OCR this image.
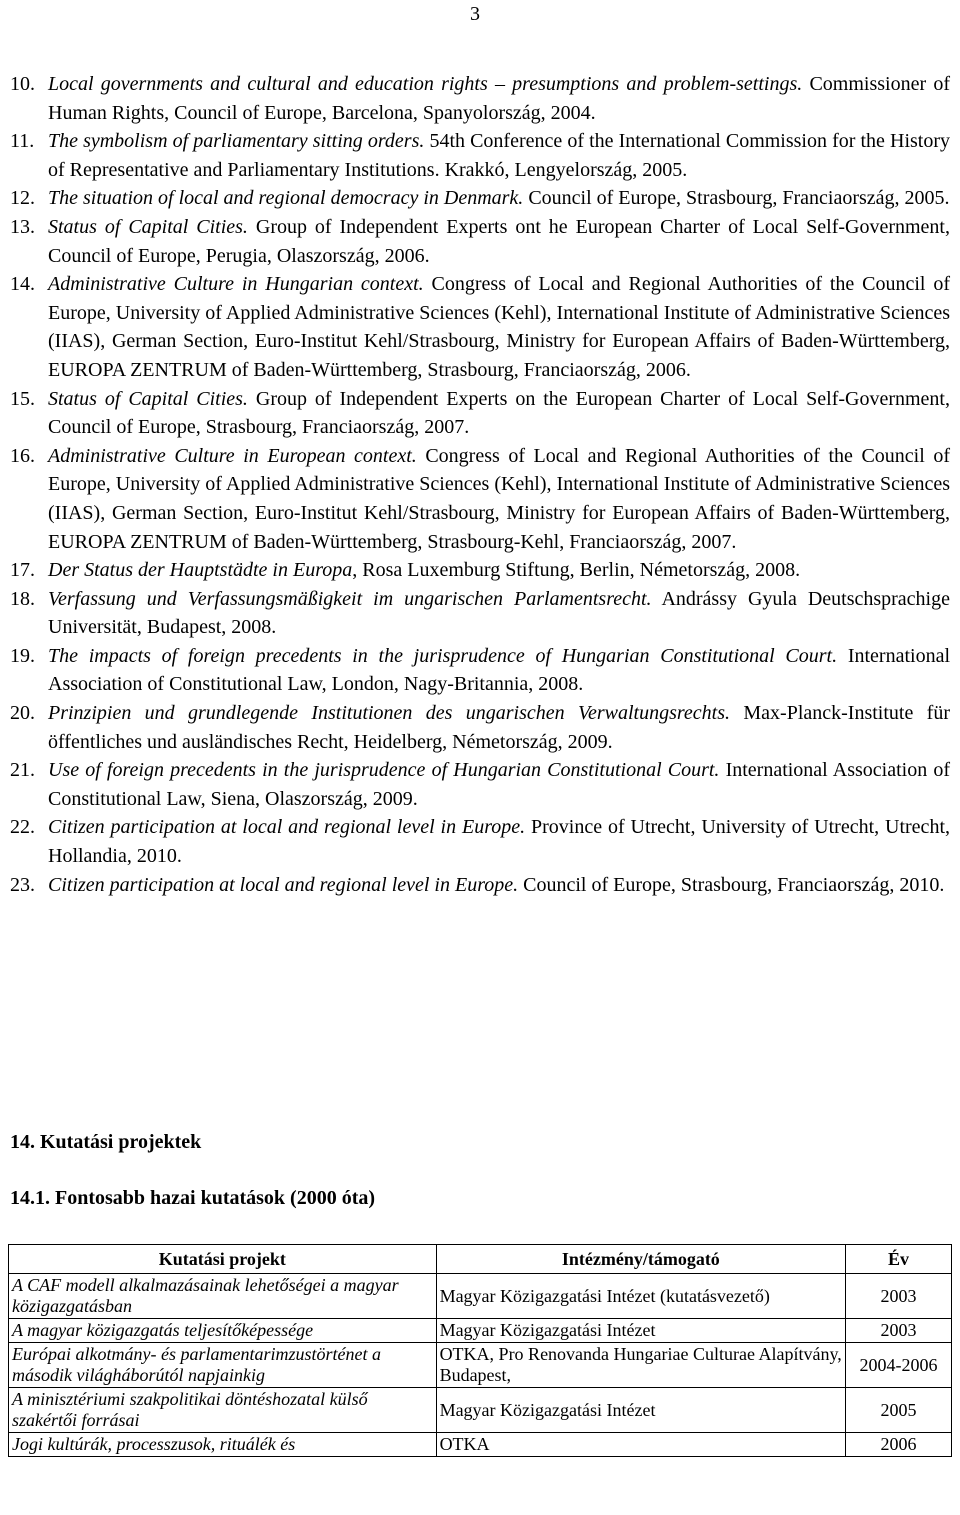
3
10. Local governments and cultural and education rights – presumptions and problem-settings. Commissioner of Human Rights, Council of Europe, Barcelona, Spanyolország, 2004.
11. The symbolism of parliamentary sitting orders. 54th Conference of the International Commission for the History of Representative and Parliamentary Institutions. Krakkó, Lengyelország, 2005.
12. The situation of local and regional democracy in Denmark. Council of Europe, Strasbourg, Franciaország, 2005.
13. Status of Capital Cities. Group of Independent Experts ont he European Charter of Local Self-Government, Council of Europe, Perugia, Olaszország, 2006.
14. Administrative Culture in Hungarian context. Congress of Local and Regional Authorities of the Council of Europe, University of Applied Administrative Sciences (Kehl), International Institute of Administrative Sciences (IIAS), German Section, Euro-Institut Kehl/Strasbourg, Ministry for European Affairs of Baden-Württemberg, EUROPA ZENTRUM of Baden-Württemberg, Strasbourg, Franciaország, 2006.
15. Status of Capital Cities. Group of Independent Experts on the European Charter of Local Self-Government, Council of Europe, Strasbourg, Franciaország, 2007.
16. Administrative Culture in European context. Congress of Local and Regional Authorities of the Council of Europe, University of Applied Administrative Sciences (Kehl), International Institute of Administrative Sciences (IIAS), German Section, Euro-Institut Kehl/Strasbourg, Ministry for European Affairs of Baden-Württemberg, EUROPA ZENTRUM of Baden-Württemberg, Strasbourg-Kehl, Franciaország, 2007.
17. Der Status der Hauptstädte in Europa, Rosa Luxemburg Stiftung, Berlin, Németország, 2008.
18. Verfassung und Verfassungsmäßigkeit im ungarischen Parlamentsrecht. Andrássy Gyula Deutschsprachige Universität, Budapest, 2008.
19. The impacts of foreign precedents in the jurisprudence of Hungarian Constitutional Court. International Association of Constitutional Law, London, Nagy-Britannia, 2008.
20. Prinzipien und grundlegende Institutionen des ungarischen Verwaltungsrechts. Max-Planck-Institute für öffentliches und ausländisches Recht, Heidelberg, Németország, 2009.
21. Use of foreign precedents in the jurisprudence of Hungarian Constitutional Court. International Association of Constitutional Law, Siena, Olaszország, 2009.
22. Citizen participation at local and regional level in Europe. Province of Utrecht, University of Utrecht, Utrecht, Hollandia, 2010.
23. Citizen participation at local and regional level in Europe. Council of Europe, Strasbourg, Franciaország, 2010.
14. Kutatási projektek
14.1. Fontosabb hazai kutatások (2000 óta)
Kutatási projekt	Intézmény/támogató	Év
A CAF modell alkalmazásainak lehetőségei a magyar közigazgatásban	Magyar Közigazgatási Intézet (kutatásvezető)	2003
A magyar közigazgatás teljesítőképessége	Magyar Közigazgatási Intézet	2003
Európai alkotmány- és parlamentarimzustörténet a második világháborútól napjainkig	OTKA, Pro Renovanda Hungariae Culturae Alapítvány, Budapest,	2004-2006
A minisztériumi szakpolitikai döntéshozatal külső szakértői forrásai	Magyar Közigazgatási Intézet	2005
Jogi kultúrák, processzusok, rituálék és	OTKA	2006
